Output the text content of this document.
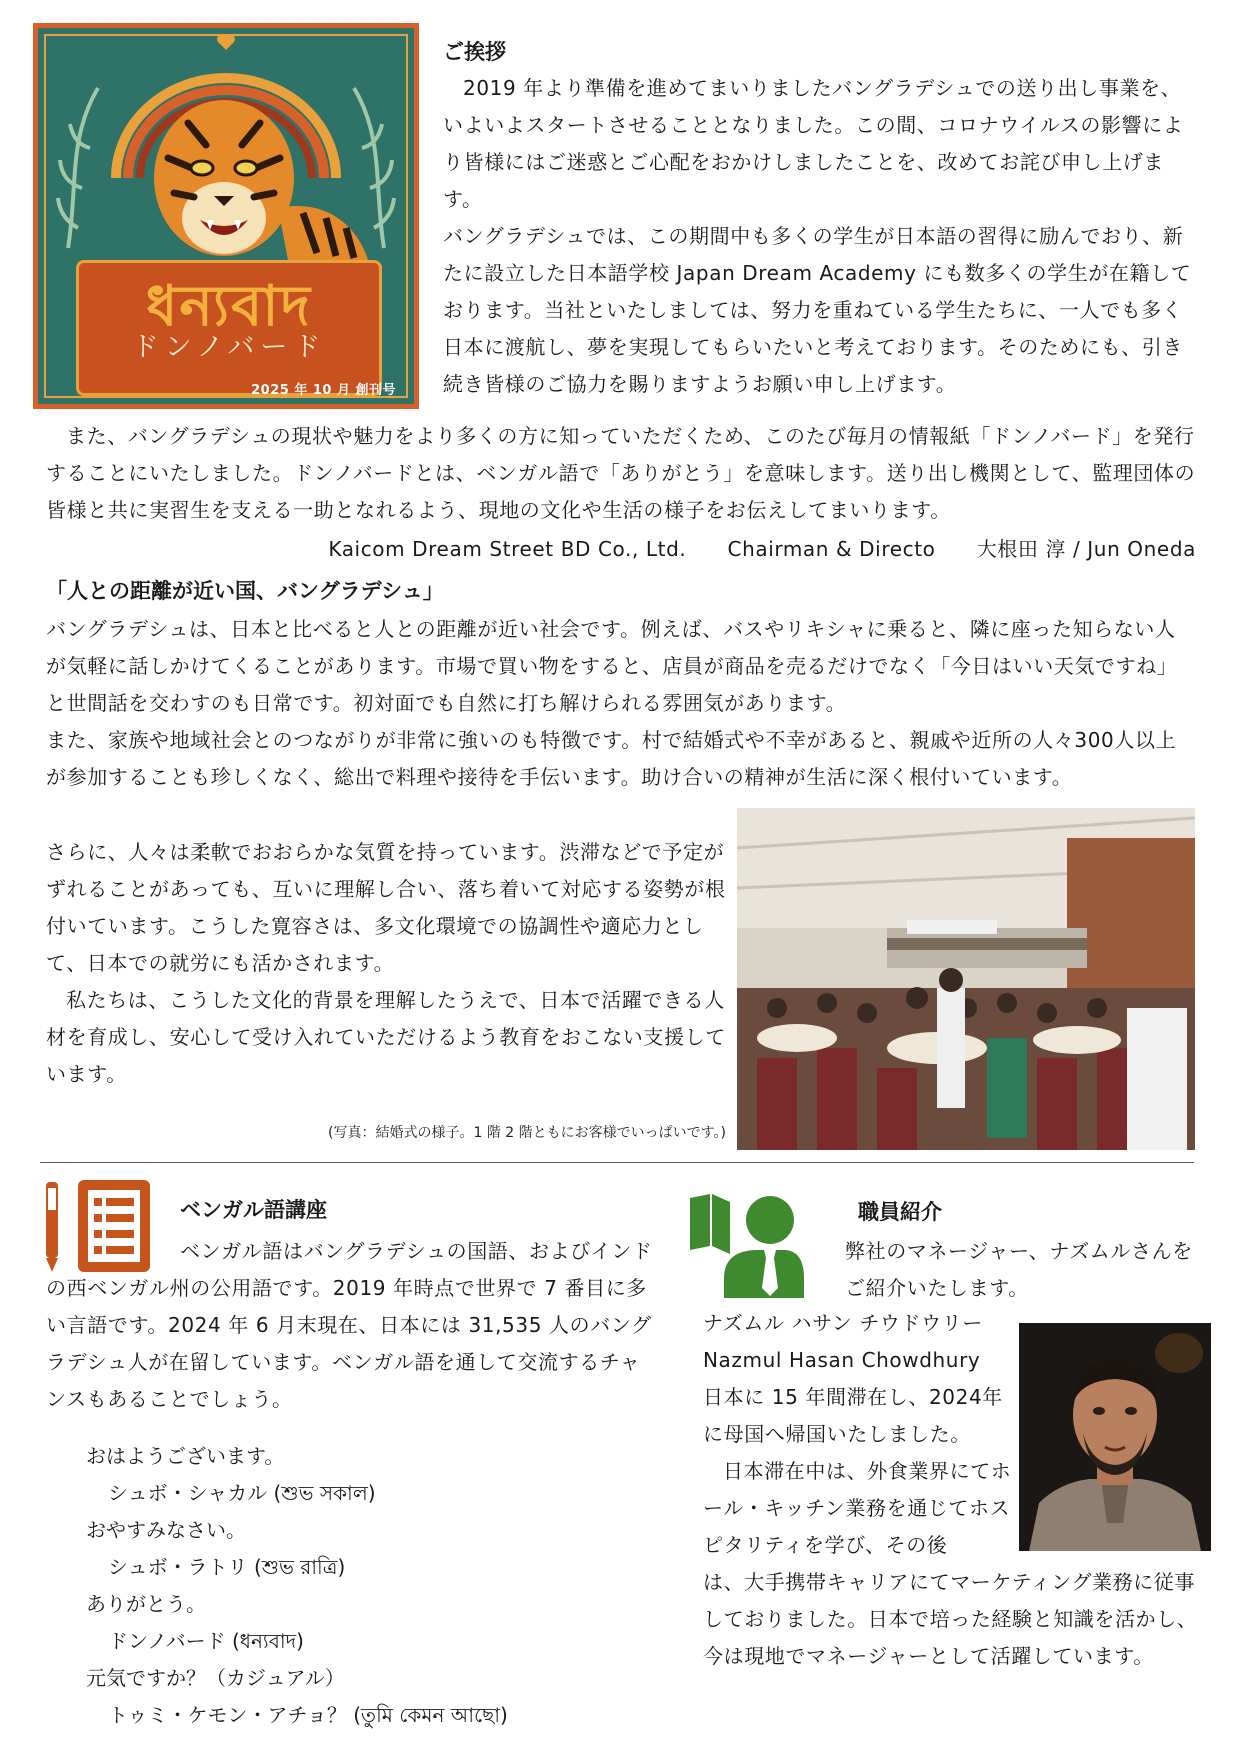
ধন্যবাদ
ドンノバード
2025 年 10 月 創刊号
ご挨拶

2019 年より準備を進めてまいりましたバングラデシュでの送り出し事業を、いよいよスタートさせることとなりました。この間、コロナウイルスの影響により皆様にはご迷惑とご心配をおかけしましたことを、改めてお詫び申し上げます。

バングラデシュでは、この期間中も多くの学生が日本語の習得に励んでおり、新たに設立した日本語学校 Japan Dream Academy にも数多くの学生が在籍しております。当社といたしましては、努力を重ねている学生たちに、一人でも多く日本に渡航し、夢を実現してもらいたいと考えております。そのためにも、引き続き皆様のご協力を賜りますようお願い申し上げます。

また、バングラデシュの現状や魅力をより多くの方に知っていただくため、このたび毎月の情報紙「ドンノバード」を発行することにいたしました。ドンノバードとは、ベンガル語で「ありがとう」を意味します。送り出し機関として、監理団体の皆様と共に実習生を支える一助となれるよう、現地の文化や生活の様子をお伝えしてまいります。

Kaicom Dream Street BD Co., Ltd.　　Chairman & Directo　　大根田 淳 / Jun Oneda

「人との距離が近い国、バングラデシュ」

バングラデシュは、日本と比べると人との距離が近い社会です。例えば、バスやリキシャに乗ると、隣に座った知らない人が気軽に話しかけてくることがあります。市場で買い物をすると、店員が商品を売るだけでなく「今日はいい天気ですね」と世間話を交わすのも日常です。初対面でも自然に打ち解けられる雰囲気があります。

また、家族や地域社会とのつながりが非常に強いのも特徴です。村で結婚式や不幸があると、親戚や近所の人々300人以上が参加することも珍しくなく、総出で料理や接待を手伝います。助け合いの精神が生活に深く根付いています。

さらに、人々は柔軟でおおらかな気質を持っています。渋滞などで予定がずれることがあっても、互いに理解し合い、落ち着いて対応する姿勢が根付いています。こうした寛容さは、多文化環境での協調性や適応力として、日本での就労にも活かされます。

私たちは、こうした文化的背景を理解したうえで、日本で活躍できる人材を育成し、安心して受け入れていただけるよう教育をおこない支援しています。

(写真：結婚式の様子。1 階 2 階ともにお客様でいっぱいです。)
ベンガル語講座

ベンガル語はバングラデシュの国語、およびインドの西ベンガル州の公用語です。2019 年時点で世界で 7 番目に多い言語です。2024 年 6 月末現在、日本には 31,535 人のバングラデシュ人が在留しています。ベンガル語を通して交流するチャンスもあることでしょう。

おはようございます。

シュボ・シャカル (শুভ সকাল)

おやすみなさい。

シュボ・ラトリ (শুভ রাত্রি)

ありがとう。

ドンノバード (ধন্যবাদ)

元気ですか？（カジュアル）

トゥミ・ケモン・アチョ？ (তুমি কেমন আছো)

職員紹介

弊社のマネージャー、ナズムルさんをご紹介いたします。

ナズムル ハサン チウドウリー

Nazmul Hasan Chowdhury

日本に 15 年間滞在し、2024年に母国へ帰国いたしました。

日本滞在中は、外食業界にてホール・キッチン業務を通じてホスピタリティを学び、その後

は、大手携帯キャリアにてマーケティング業務に従事しておりました。日本で培った経験と知識を活かし、今は現地でマネージャーとして活躍しています。
